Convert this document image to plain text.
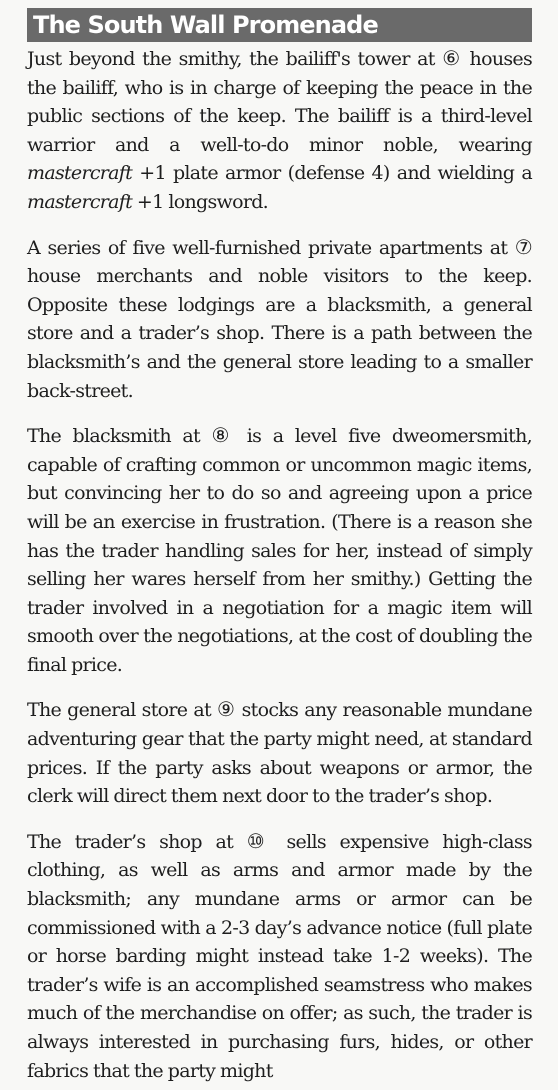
The South Wall Promenade

Just beyond the smithy, the bailiff's tower at ⑥ houses the bailiff, who is in charge of keeping the peace in the public sections of the keep. The bailiff is a third-level warrior and a well-to-do minor noble, wearing mastercraft +1 plate armor (defense 4) and wielding a mastercraft +1 longsword.

A series of five well-furnished private apartments at ⑦ house merchants and noble visitors to the keep. Opposite these lodgings are a blacksmith, a general store and a trader’s shop. There is a path between the blacksmith’s and the general store leading to a smaller back-street.

The blacksmith at ⑧ is a level five dweomersmith, capable of crafting common or uncommon magic items, but convincing her to do so and agreeing upon a price will be an exercise in frustration. (There is a reason she has the trader handling sales for her, instead of simply selling her wares herself from her smithy.) Getting the trader involved in a negotiation for a magic item will smooth over the negotiations, at the cost of doubling the final price.

The general store at ⑨ stocks any reasonable mundane adventuring gear that the party might need, at standard prices. If the party asks about weapons or armor, the clerk will direct them next door to the trader’s shop.

The trader’s shop at ⑩ sells expensive high-class clothing, as well as arms and armor made by the blacksmith; any mundane arms or armor can be commissioned with a 2-3 day’s advance notice (full plate or horse barding might instead take 1-2 weeks). The trader’s wife is an accomplished seamstress who makes much of the merchandise on offer; as such, the trader is always interested in purchasing furs, hides, or other fabrics that the party might
